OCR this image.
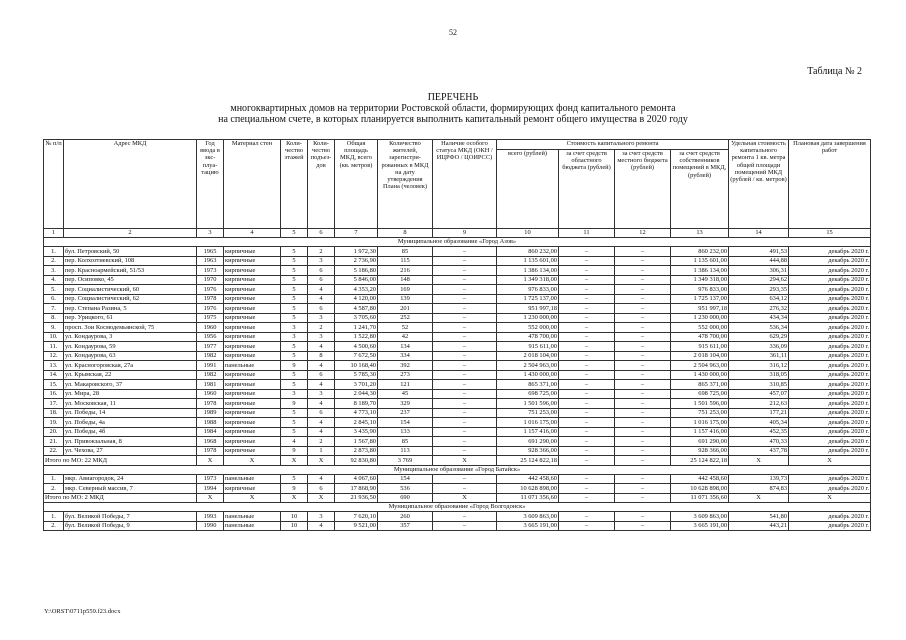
52
Таблица № 2
ПЕРЕЧЕНЬ
многоквартирных домов на территории Ростовской области, формирующих фонд капитального ремонта
на специальном счете, в которых планируется выполнить капитальный ремонт общего имущества в 2020 году
№ п/п	Адрес МКД	Год ввода в экс-плуа-тацию	Материал стен	Коли-чество этажей	Коли-чество подъез-дов	Общая площадь МКД, всего (кв. метров)	Количество жителей, зарегистри-рованных в МКД на дату утверждения Плана (человек)	Наличие особого статуса МКД (ОКН / ИЦРФО / ЦОИРСС)	Стоимость капитального ремонта				Удельная стоимость капитального ремонта 1 кв. метра общей площади помещений МКД (рублей / кв. метров)	Плановая дата завершения работ
									всего (рублей)	за счет средств областного бюджета (рублей)	за счет средств местного бюджета (рублей)	за счет средств собственников помещений в МКД, (рублей)		
1	2	3	4	5	6	7	8	9	10	11	12	13	14	15
Муниципальное образование «Город Азов»														
1.	бул. Петровский, 50	1965	кирпичные	5	2	1 972,30	85	–	860 232,00	–	–	860 232,00	491,53	декабрь 2020 г.
2.	пер. Колхозтиевский, 108	1963	кирпичные	5	3	2 736,90	115	–	1 135 601,00	–	–	1 135 601,00	444,88	декабрь 2020 г.
3.	пер. Красноармейский, 51/53	1973	кирпичные	5	6	5 186,80	216	–	1 386 134,00	–	–	1 386 134,00	306,31	декабрь 2020 г.
4.	пер. Осиповко, 45	1970	кирпичные	5	6	5 846,00	148	–	1 349 318,00	–	–	1 349 318,00	294,62	декабрь 2020 г.
5.	пер. Социалистический, 60	1976	кирпичные	5	4	4 353,20	169	–	976 833,00	–	–	976 833,00	293,35	декабрь 2020 г.
6.	пер. Социалистический, 62	1978	кирпичные	5	4	4 120,00	139	–	1 725 137,00	–	–	1 725 137,00	634,12	декабрь 2020 г.
7.	пер. Степана Разина, 5	1976	кирпичные	5	6	4 587,80	201	–	951 997,18	–	–	951 997,18	276,32	декабрь 2020 г.
8.	пер. Урицкого, 61	1975	кирпичные	5	3	3 705,60	252	–	1 230 000,00	–	–	1 230 000,00	434,34	декабрь 2020 г.
9.	просп. Зои Космодемьянской, 75	1960	кирпичные	3	2	1 241,70	52	–	552 000,00	–	–	552 000,00	536,34	декабрь 2020 г.
10.	ул. Кондаурова, 3	1956	кирпичные	3	3	1 522,80	42	–	478 700,00	–	–	478 700,00	629,29	декабрь 2020 г.
11.	ул. Кондаурова, 59	1977	кирпичные	5	4	4 500,60	134	–	915 611,00	–	–	915 611,00	336,09	декабрь 2020 г.
12.	ул. Кондаурова, 63	1982	кирпичные	5	8	7 672,50	334	–	2 018 104,00	–	–	2 018 104,00	361,11	декабрь 2020 г.
13.	ул. Красногоровская, 27а	1991	панельные	9	4	10 168,40	392	–	2 504 963,00	–	–	2 504 963,00	316,12	декабрь 2020 г.
14.	ул. Крымская, 22	1982	кирпичные	5	6	5 785,30	273	–	1 430 000,00	–	–	1 430 000,00	318,05	декабрь 2020 г.
15.	ул. Макаровского, 37	1981	кирпичные	5	4	3 701,20	121	–	865 371,00	–	–	865 371,00	310,85	декабрь 2020 г.
16.	ул. Мира, 28	1960	кирпичные	3	3	2 044,30	45	–	698 725,00	–	–	698 725,00	457,07	декабрь 2020 г.
17.	ул. Московская, 11	1978	кирпичные	9	4	8 189,70	329	–	1 501 596,00	–	–	1 501 596,00	212,63	декабрь 2020 г.
18.	ул. Победы, 14	1989	кирпичные	5	6	4 773,10	237	–	751 253,00	–	–	751 253,00	177,21	декабрь 2020 г.
19.	ул. Победы, 4а	1988	кирпичные	5	4	2 845,10	154	–	1 016 175,00	–	–	1 016 175,00	405,34	декабрь 2020 г.
20.	ул. Победы, 4б	1984	кирпичные	5	4	3 435,90	133	–	1 157 416,00	–	–	1 157 416,00	452,35	декабрь 2020 г.
21.	ул. Привокзальная, 8	1968	кирпичные	4	2	1 567,80	85	–	691 290,00	–	–	691 290,00	470,33	декабрь 2020 г.
22.	ул. Чехова, 27	1978	кирпичные	9	1	2 873,80	113	–	928 366,00	–	–	928 366,00	437,78	декабрь 2020 г.
Итого по МО: 22 МКД		Х	Х	Х	Х	92 830,80	3 769	Х	25 124 822,18	–	–	25 124 822,18	Х	Х
Муниципальное образование «Город Батайск»														
1.	мкр. Авиагородок, 24	1973	панельные	5	4	4 067,60	154	–	442 458,60	–	–	442 458,60	139,73	декабрь 2020 г.
2.	мкр. Северный массив, 7	1994	кирпичные	9	6	17 868,90	536	–	10 628 898,00	–	–	10 628 898,00	874,83	декабрь 2020 г.
Итого по МО: 2 МКД		Х	Х	Х	Х	21 936,50	690	Х	11 071 356,60	–	–	11 071 356,60	Х	Х
Муниципальное образование «Город Волгодонск»														
1.	бул. Великой Победы, 7	1993	панельные	10	3	7 620,10	260	–	3 609 863,00	–	–	3 609 863,00	541,80	декабрь 2020 г.
2.	бул. Великой Победы, 9	1990	панельные	10	4	9 521,00	357	–	3 665 191,00	–	–	3 665 191,00	443,21	декабрь 2020 г.
Y:\ORST\0711p559.f23.docx
